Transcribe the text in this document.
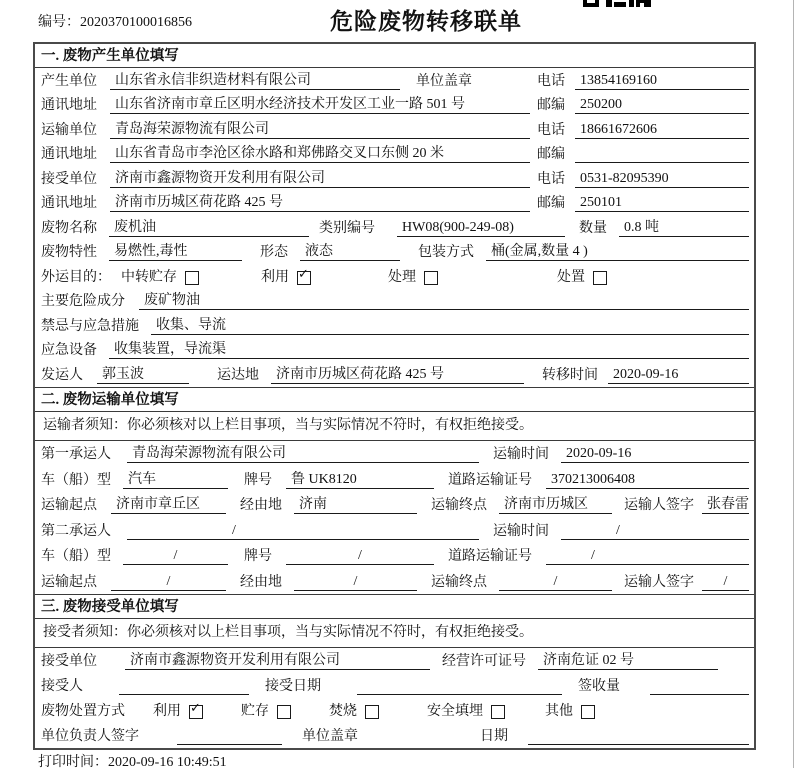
编号：2020370100016856	危险废物转移联单
一. 废物产生单位填写
产生单位	山东省永信非织造材料有限公司	单位盖章	电话	13854169160
通讯地址	山东省济南市章丘区明水经济技术开发区工业一路 501 号	邮编	250200
运输单位	青岛海荣源物流有限公司	电话	18661672606
通讯地址	山东省青岛市李沧区徐水路和郑佛路交叉口东侧 20 米	邮编
接受单位	济南市鑫源物资开发利用有限公司	电话	0531-82095390
通讯地址	济南市历城区荷花路 425 号	邮编	250101
废物名称	废机油	类别编号	HW08(900-249-08)	数量	0.8 吨
废物特性	易燃性,毒性	形态	液态	包装方式	桶(金属,数量 4 )
外运目的： 中转贮存	利用 ✓	处理	处置
主要危险成分	废矿物油
禁忌与应急措施	收集、导流
应急设备	收集装置，导流渠
发运人	郭玉波	运达地	济南市历城区荷花路 425 号	转移时间	2020-09-16
二. 废物运输单位填写
运输者须知：你必须核对以上栏目事项，当与实际情况不符时，有权拒绝接受。
第一承运人	青岛海荣源物流有限公司	运输时间	2020-09-16
车（船）型	汽车	牌号	鲁 UK8120	道路运输证号	370213006408
运输起点	济南市章丘区	经由地	济南	运输终点	济南市历城区	运输人签字 张春雷
第二承运人	/	运输时间	/
车（船）型	/	牌号	/	道路运输证号	/
运输起点	/	经由地	/	运输终点	/	运输人签字	/
三. 废物接受单位填写
接受者须知：你必须核对以上栏目事项，当与实际情况不符时，有权拒绝接受。
接受单位	济南市鑫源物资开发利用有限公司	经营许可证号	济南危证 02 号
接受人	接受日期	签收量
废物处置方式 利用 ✓	贮存	焚烧	安全填埋	其他
单位负责人签字	单位盖章	日期
打印时间：2020-09-16 10:49:51
